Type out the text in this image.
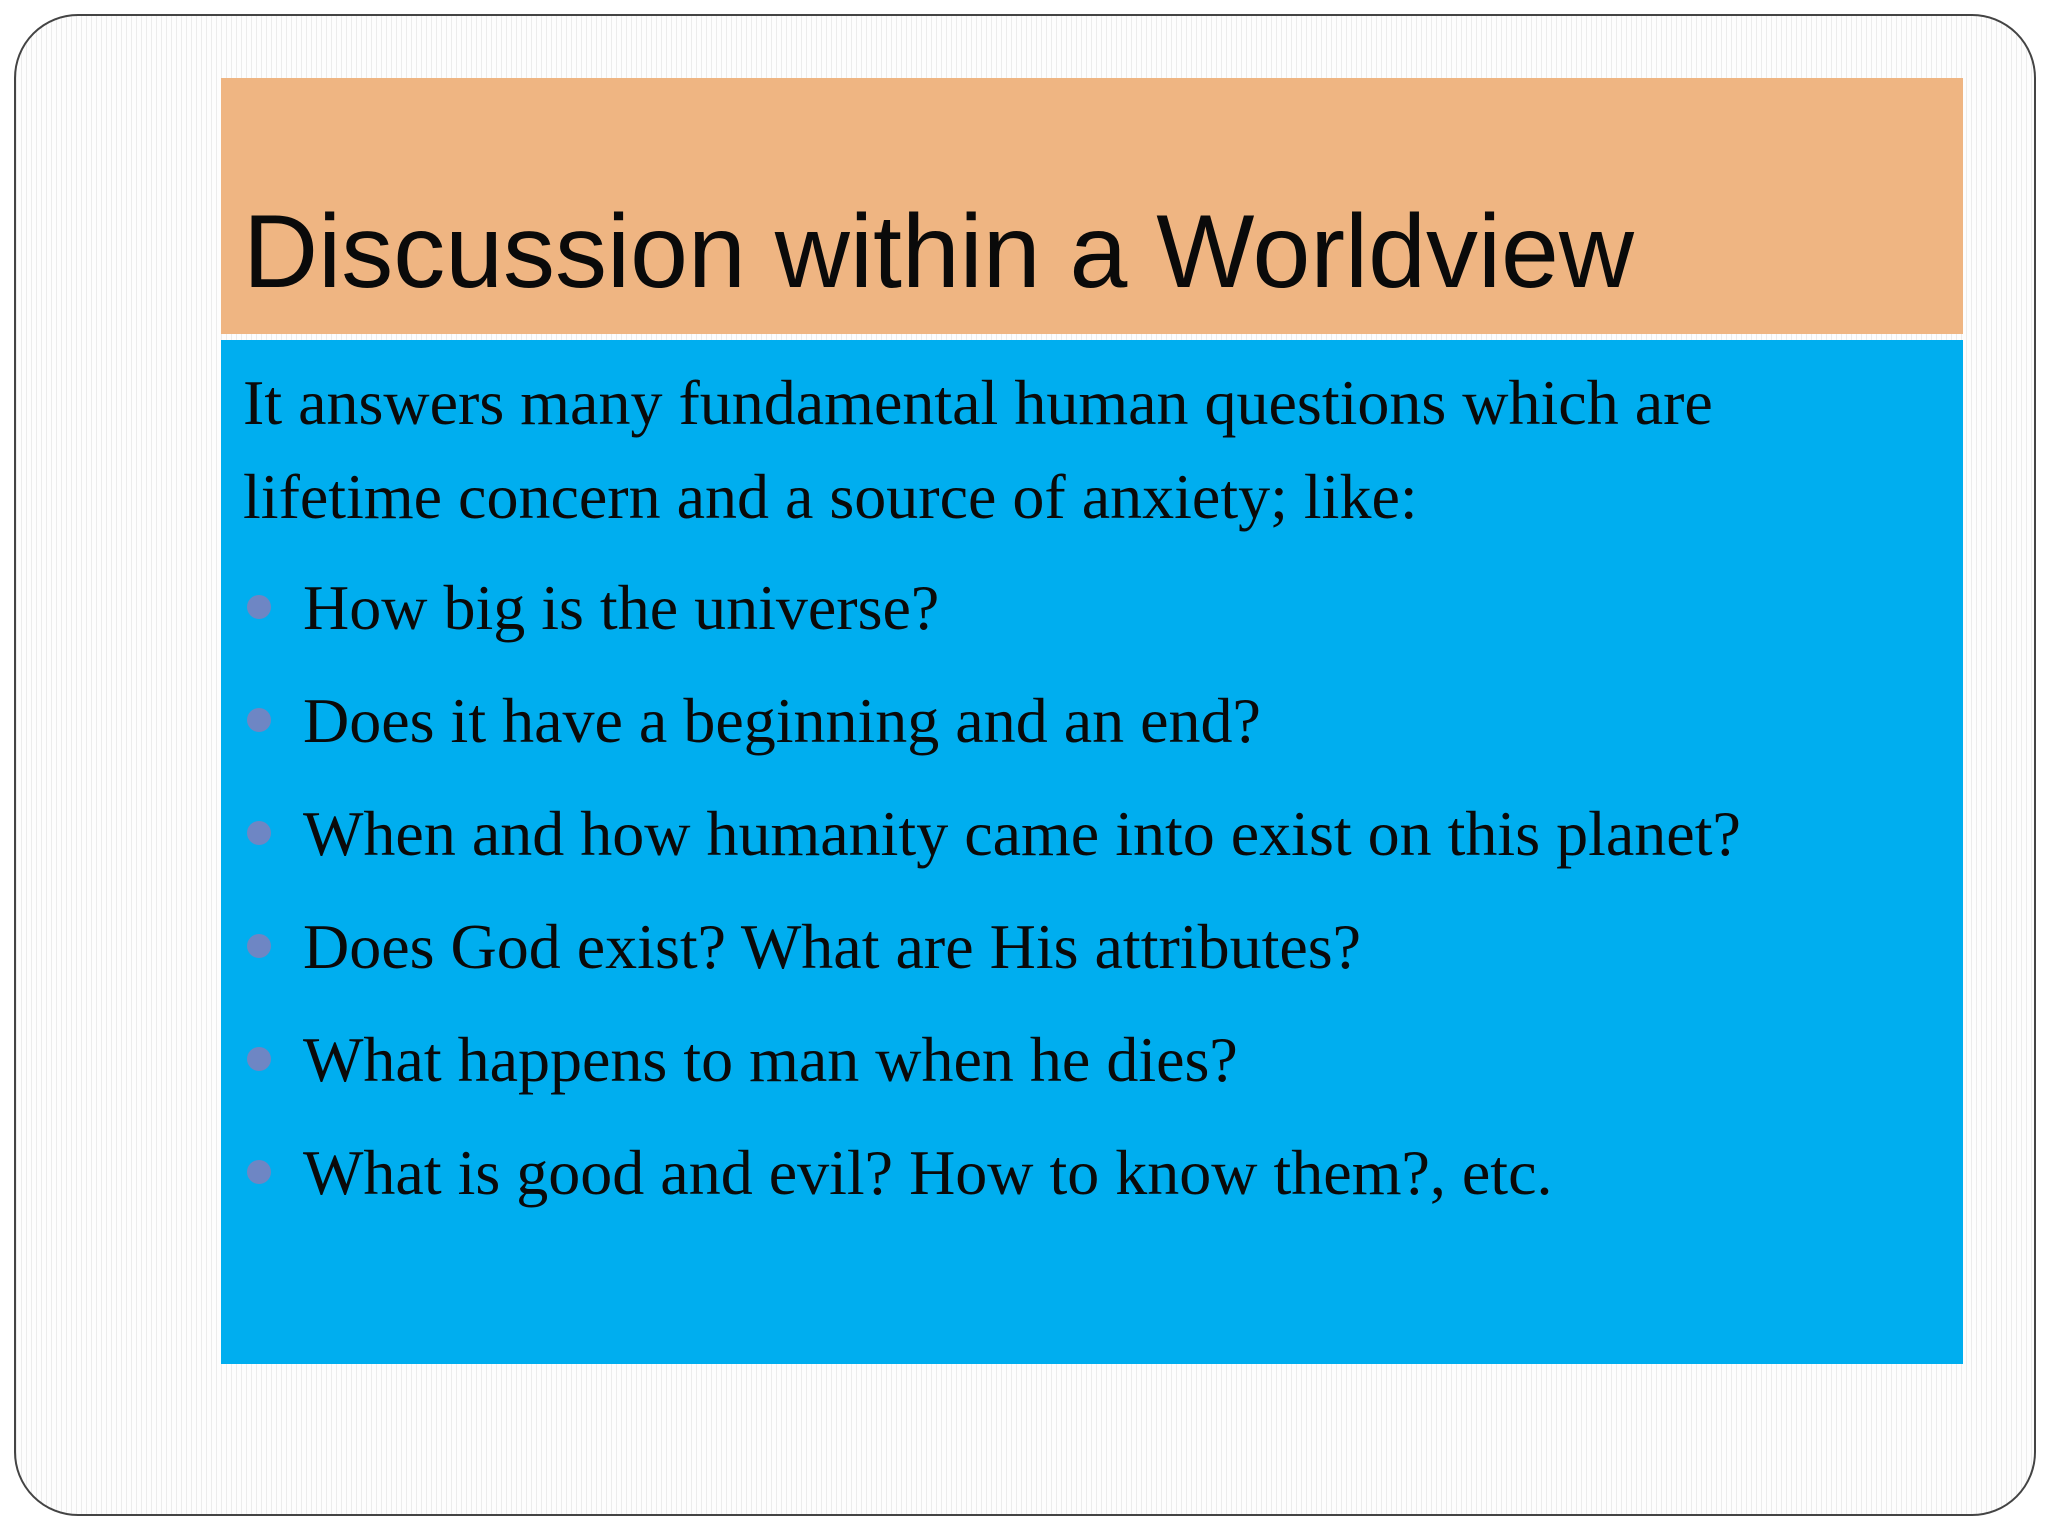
Discussion within a Worldview

It answers many fundamental human questions which are
lifetime concern and a source of anxiety; like:

How big is the universe?
Does it have a beginning and an end?
When and how humanity came into exist on this planet?
Does God exist? What are His attributes?
What happens to man when he dies?
What is good and evil? How to know them?, etc.
